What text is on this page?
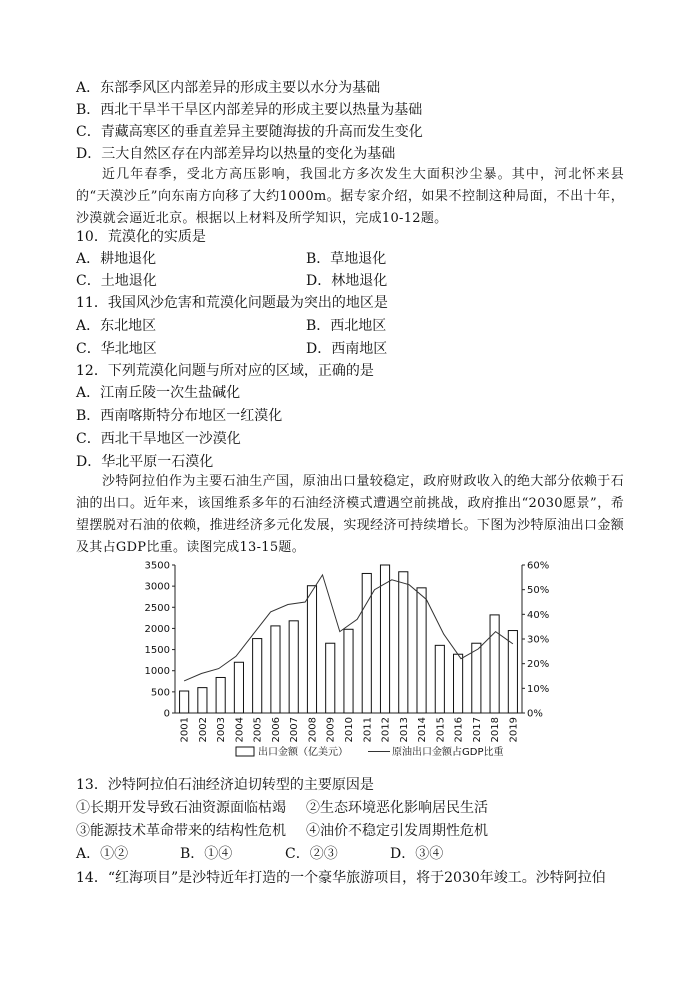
A．东部季风区内部差异的形成主要以水分为基础
B．西北干旱半干旱区内部差异的形成主要以热量为基础
C．青藏高寒区的垂直差异主要随海拔的升高而发生变化
D．三大自然区存在内部差异均以热量的变化为基础
近几年春季，受北方高压影响，我国北方多次发生大面积沙尘暴。其中，河北怀来县的“天漠沙丘”向东南方向移了大约1000m。据专家介绍，如果不控制这种局面，不出十年，沙漠就会逼近北京。根据以上材料及所学知识，完成10-12题。
10．荒漠化的实质是
A．耕地退化	B．草地退化
C．土地退化	D．林地退化
11．我国风沙危害和荒漠化问题最为突出的地区是
A．东北地区	B．西北地区
C．华北地区	D．西南地区
12．下列荒漠化问题与所对应的区域，正确的是
A．江南丘陵一次生盐碱化
B．西南喀斯特分布地区一红漠化
C．西北干旱地区一沙漠化
D．华北平原一石漠化
沙特阿拉伯作为主要石油生产国，原油出口量较稳定，政府财政收入的绝大部分依赖于石油的出口。近年来，该国维系多年的石油经济模式遭遇空前挑战，政府推出“2030愿景”，希望摆脱对石油的依赖，推进经济多元化发展，实现经济可持续增长。下图为沙特原油出口金额及其占GDP比重。读图完成13-15题。
0
500
1000
1500
2000
2500
3000
3500
0%
10%
20%
30%
40%
50%
60%
2001 2002 2003 2004 2005 2006 2007 2008 2009 2010 2011 2012 2013 2014 2015 2016 2017 2018 2019
出口金额（亿美元）	原油出口金额占GDP比重
13．沙特阿拉伯石油经济迫切转型的主要原因是
①长期开发导致石油资源面临枯竭 ②生态环境恶化影响居民生活
③能源技术革命带来的结构性危机 ④油价不稳定引发周期性危机
A．①②	B．①④	C．②③	D．③④
14．“红海项目”是沙特近年打造的一个豪华旅游项目，将于2030年竣工。沙特阿拉伯
